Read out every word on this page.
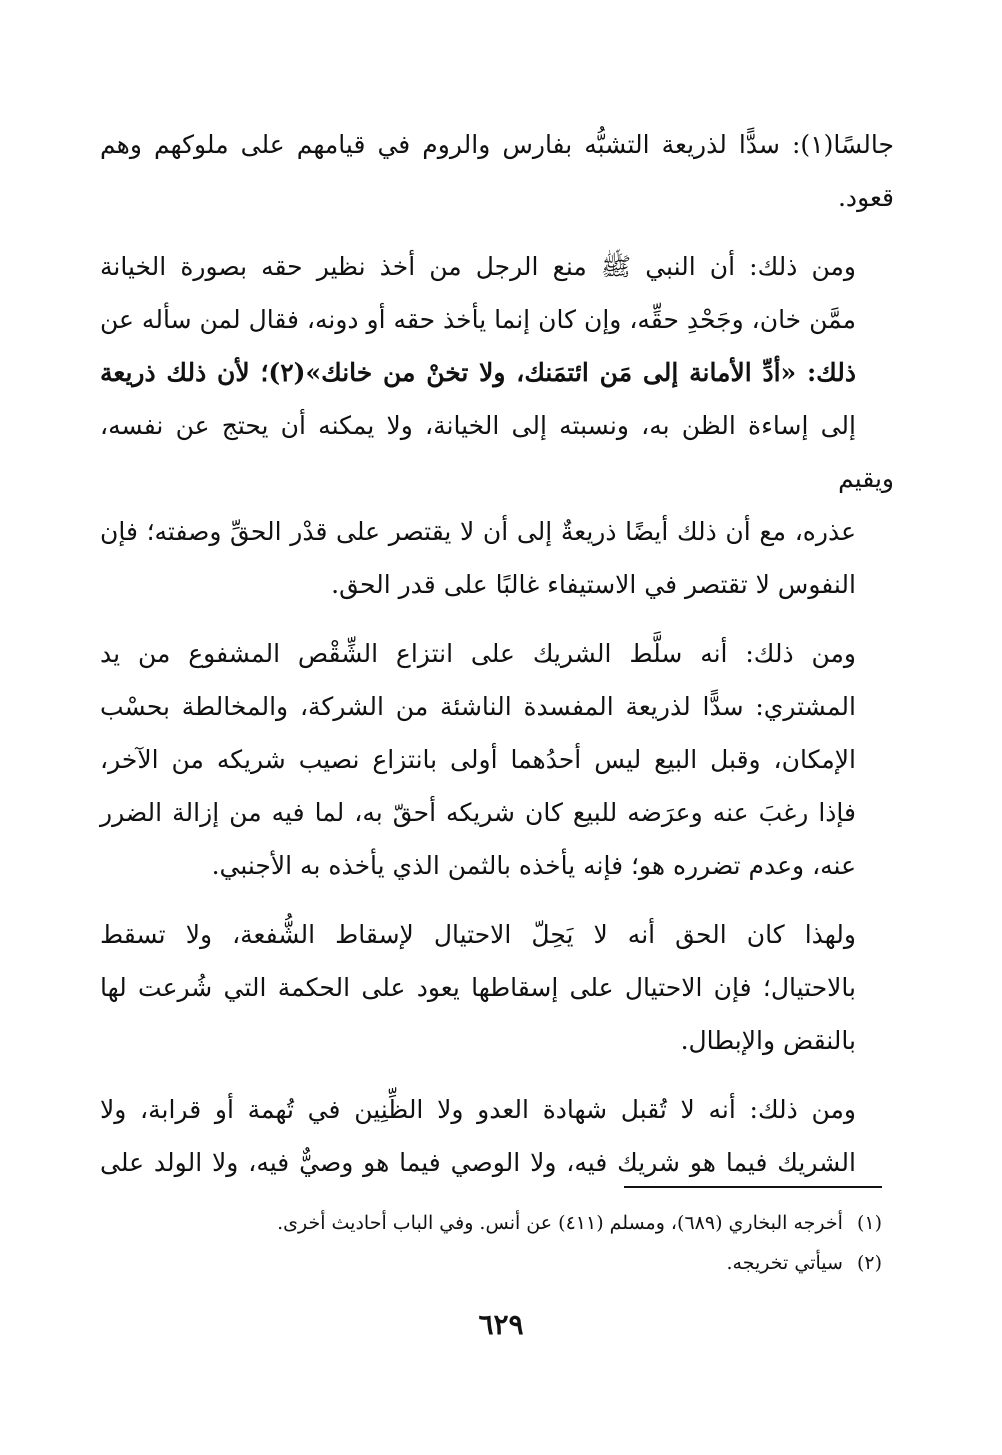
جالسًا(١): سدًّا لذريعة التشبُّه بفارس والروم في قيامهم على ملوكهم وهم
قعود.

ومن ذلك: أن النبي ﷺ منع الرجل من أخذ نظير حقه بصورة الخيانة
ممَّن خان، وجَحْدِ حقِّه، وإن كان إنما يأخذ حقه أو دونه، فقال لمن سأله عن
ذلك: «أدِّ الأمانة إلى مَن ائتمَنك، ولا تخنْ من خانك»(٢)؛ لأن ذلك ذريعة
إلى إساءة الظن به، ونسبته إلى الخيانة، ولا يمكنه أن يحتج عن نفسه، ويقيم
عذره، مع أن ذلك أيضًا ذريعةٌ إلى أن لا يقتصر على قدْر الحقِّ وصفته؛ فإن
النفوس لا تقتصر في الاستيفاء غالبًا على قدر الحق.

ومن ذلك: أنه سلَّط الشريك على انتزاع الشِّقْص المشفوع من يد
المشتري: سدًّا لذريعة المفسدة الناشئة من الشركة، والمخالطة بحسْب
الإمكان، وقبل البيع ليس أحدُهما أولى بانتزاع نصيب شريكه من الآخر،
فإذا رغبَ عنه وعرَضه للبيع كان شريكه أحقّ به، لما فيه من إزالة الضرر
عنه، وعدم تضرره هو؛ فإنه يأخذه بالثمن الذي يأخذه به الأجنبي.

ولهذا كان الحق أنه لا يَحِلّ الاحتيال لإسقاط الشُّفعة، ولا تسقط
بالاحتيال؛ فإن الاحتيال على إسقاطها يعود على الحكمة التي شُرعت لها
بالنقض والإبطال.

ومن ذلك: أنه لا تُقبل شهادة العدو ولا الظِّنِين في تُهمة أو قرابة، ولا
الشريك فيما هو شريك فيه، ولا الوصي فيما هو وصيٌّ فيه، ولا الولد على

(١)أخرجه البخاري (٦٨٩)، ومسلم (٤١١) عن أنس. وفي الباب أحاديث أخرى.
(٢)سيأتي تخريجه.
٦٢٩
